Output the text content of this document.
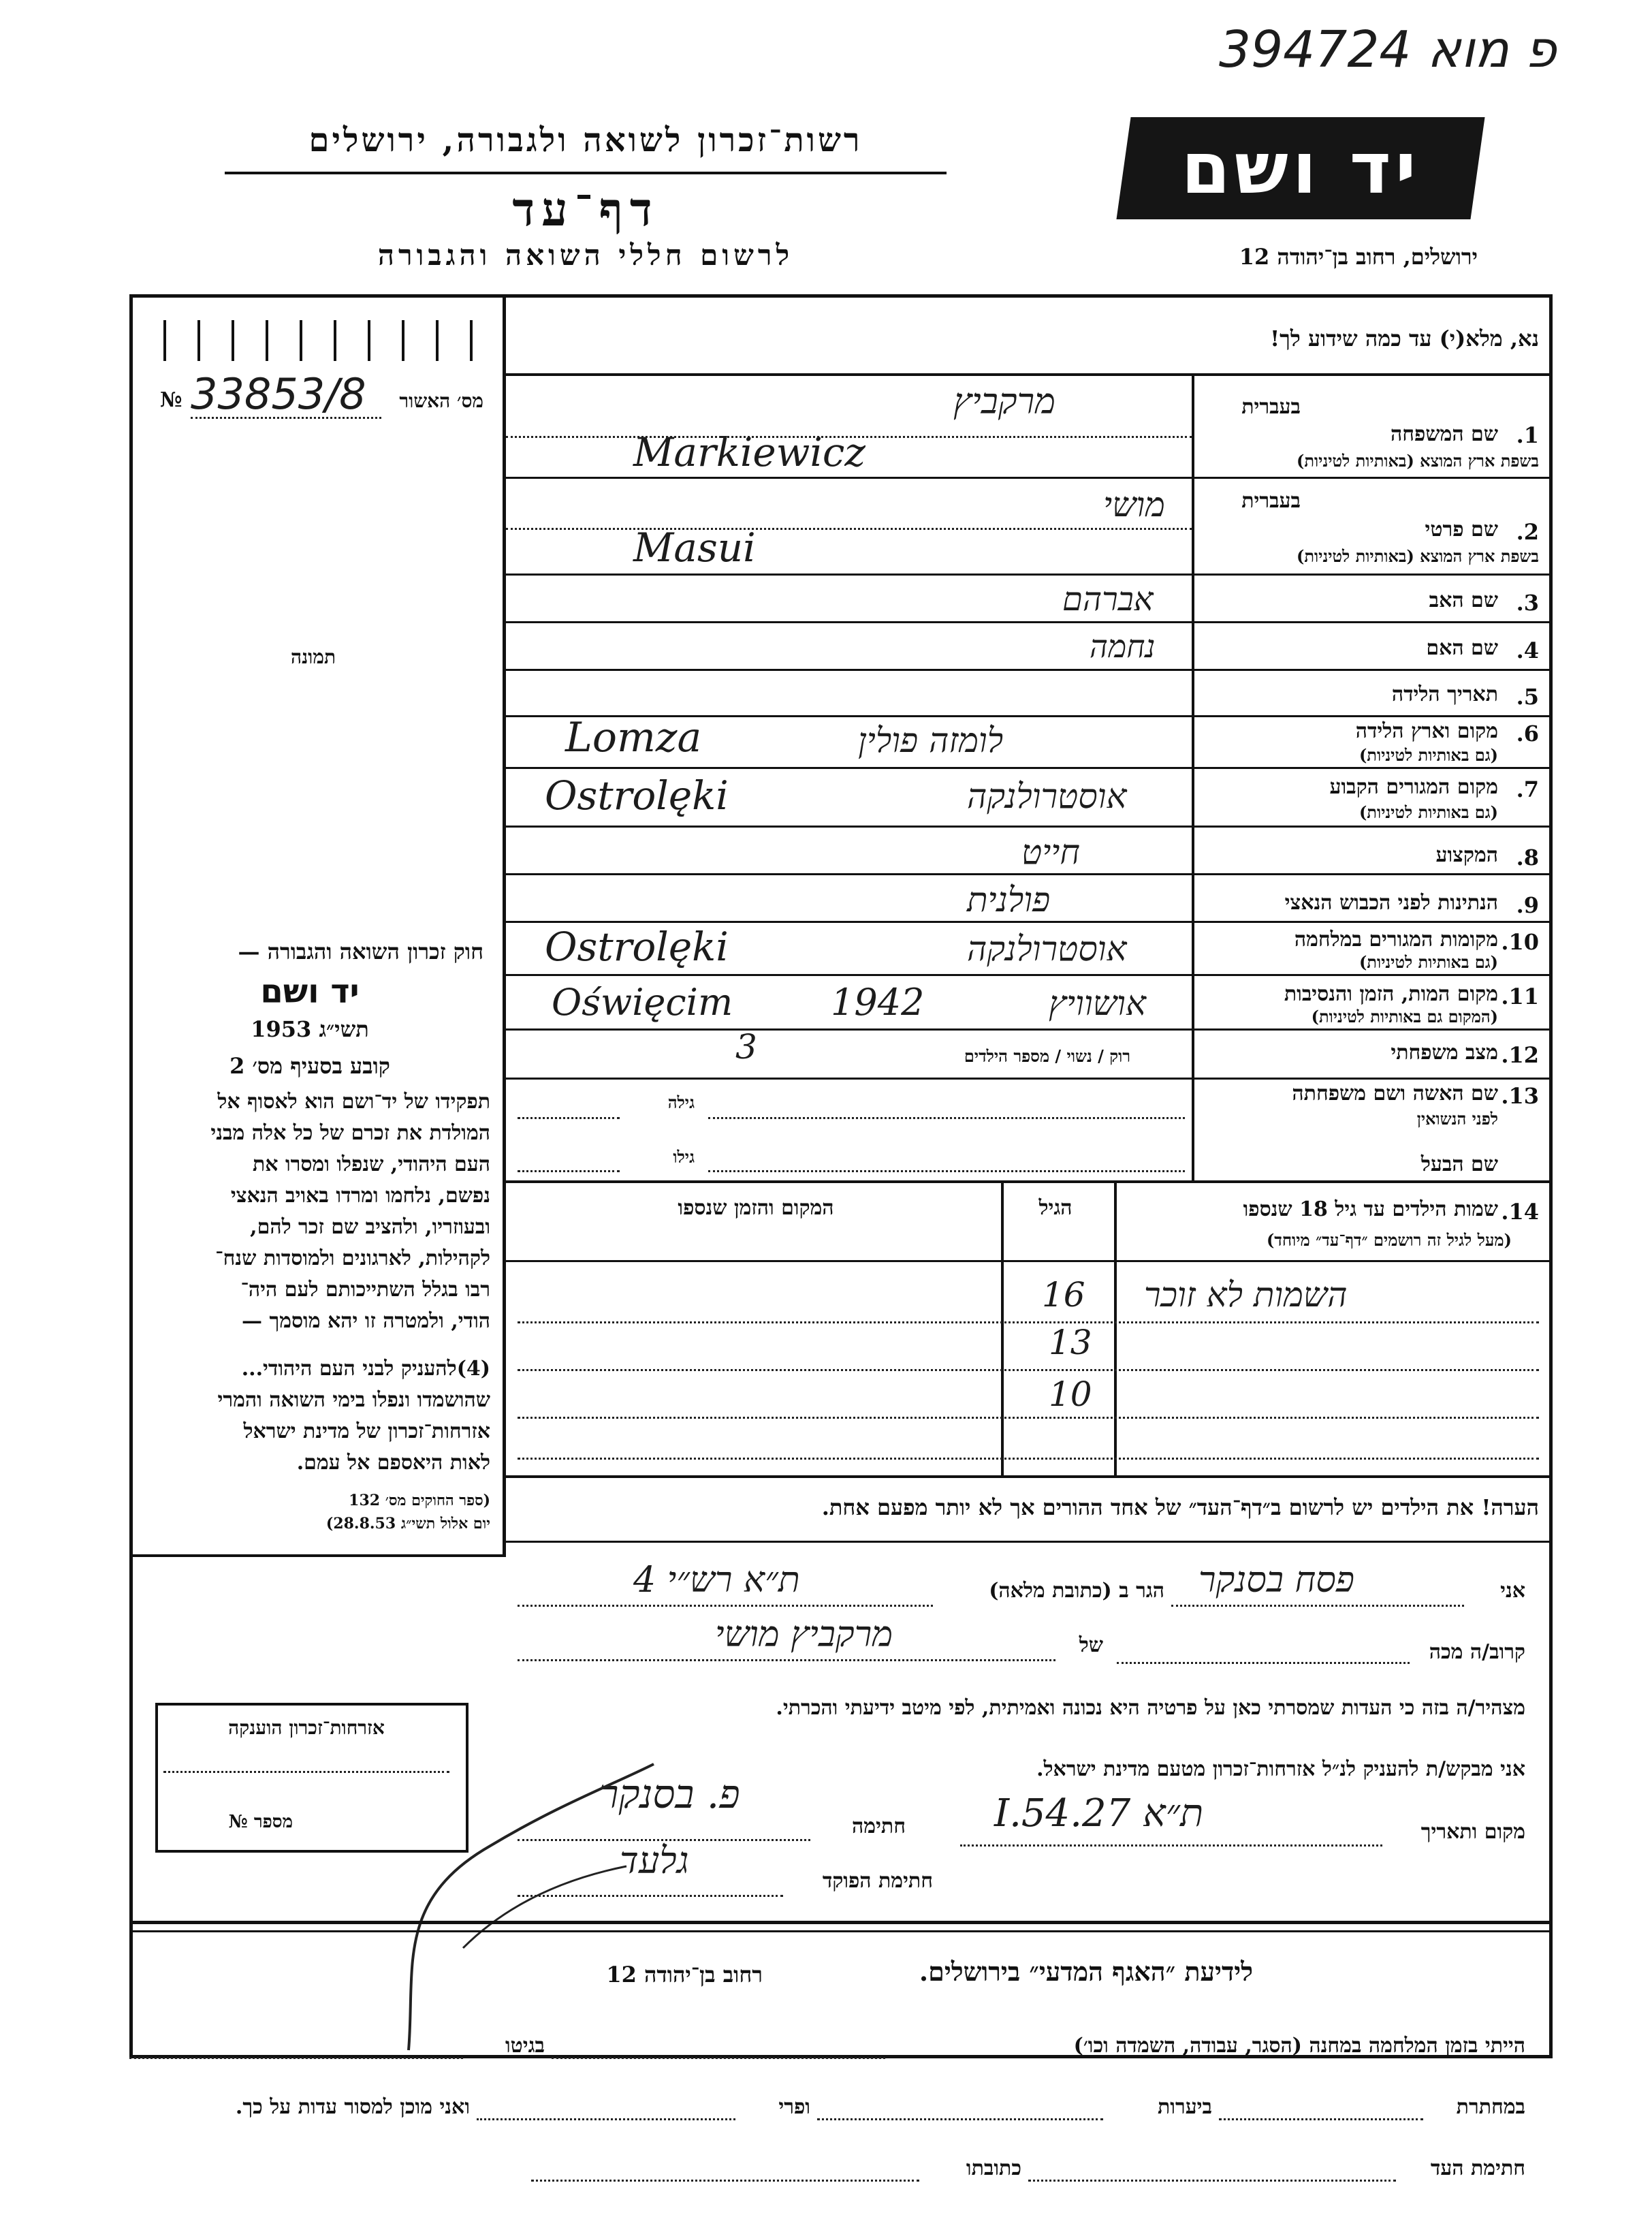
פ מוא 394724
רשות־זכרון לשואה ולגבורה, ירושלים
דף־עד
לרשום חללי השואה והגבורה
יד ושם
ירושלים, רחוב בן־יהודה 12
נא, מלא(י) עד כמה שידוע לך!
№ 33853/8	מס׳ האשור
תמונה
חוק זכרון השואה והגבורה —
יד ושם
תשי״ג 1953
קובע בסעיף מס׳ 2
תפקידו של יד־ושם הוא לאסוף אל
המולדת את זכרם של כל אלה מבני
העם היהודי, שנפלו ומסרו את
נפשם, נלחמו ומרדו באויב הנאצי
ובעוזריו, ולהציב שם זכר להם,
לקהילות, לארגונים ולמוסדות שנח־
רבו בגלל השתייכותם לעם היה־
הודי, ולמטרה זו יהא מוסמך —
(4)להעניק לבני העם היהודי...
שהושמדו ונפלו בימי השואה והמרי
אזרחות־זכרון של מדינת ישראל
לאות היאספם אל עמם.
(ספר החוקים מס׳ 132
יום אלול תשי״ג 28.8.53)
אזרחות־זכרון הוענקה
מספר №
בעברית
1.
שם המשפחה
בשפת ארץ המוצא (באותיות לטיניות)
מרקביץ
Markiewicz
בעברית
2.
שם פרטי
בשפת ארץ המוצא (באותיות לטיניות)
מושי
Masui
3.
שם האב
אברהם
4.
שם האם
נחמה
5.
תאריך הלידה
6.
מקום וארץ הלידה
(גם באותיות לטיניות)
לומזה פולין
Lomza
7.
מקום המגורים הקבוע
(גם באותיות לטיניות)
אוסטרולנקה
Ostrolęki
8.
המקצוע
חייט
9.
הנתינות לפני הכבוש הנאצי
פולנית
10.
מקומות המגורים במלחמה
(גם באותיות לטיניות)
אוסטרולנקה
Ostrolęki
11.
מקום המות, הזמן והנסיבות
(המקום גם באותיות לטיניות)
אושוויץ
1942
Oświęcim
12.
מצב משפחתי
רוק / נשוי / מספר הילדים
3
13.
שם האשה ושם משפחתה
לפני הנשואין
גילה
שם הבעל
גילו
14.
שמות הילדים עד גיל 18 שנספו
(מעל לגיל זה רושמים ״דף־עד״ מיוחד)
הגיל
המקום והזמן שנספו
השמות לא זוכר
16
13
10
הערה! את הילדים יש לרשום ב״דף־העד״ של אחד ההורים אך לא יותר מפעם אחת.
אני
פסח בסנקר
הגר ב (כתובת מלאה)
ת״א רש״י 4
קרוב/ה מכה
של
מרקביץ מושי
מצהיר/ה בזה כי העדות שמסרתי כאן על פרטיה היא נכונה ואמיתית, לפי מיטב ידיעתי והכרתי.
אני מבקש/ת להעניק לנ״ל אזרחות־זכרון מטעם מדינת ישראל.
מקום ותאריך
ת״א 27.I.54
חתימה
פ. בסנקר
חתימת הפוקד
גלעד
לידיעת ״האגף המדעי״ בירושלים.
רחוב בן־יהודה 12
הייתי בזמן המלחמה במחנה (הסגר, עבודה, השמדה וכו׳)
בגיטו
במחתרת
ביערות
ופרי
ואני מוכן למסור עדות על כך.
חתימת העד
כתובתו
